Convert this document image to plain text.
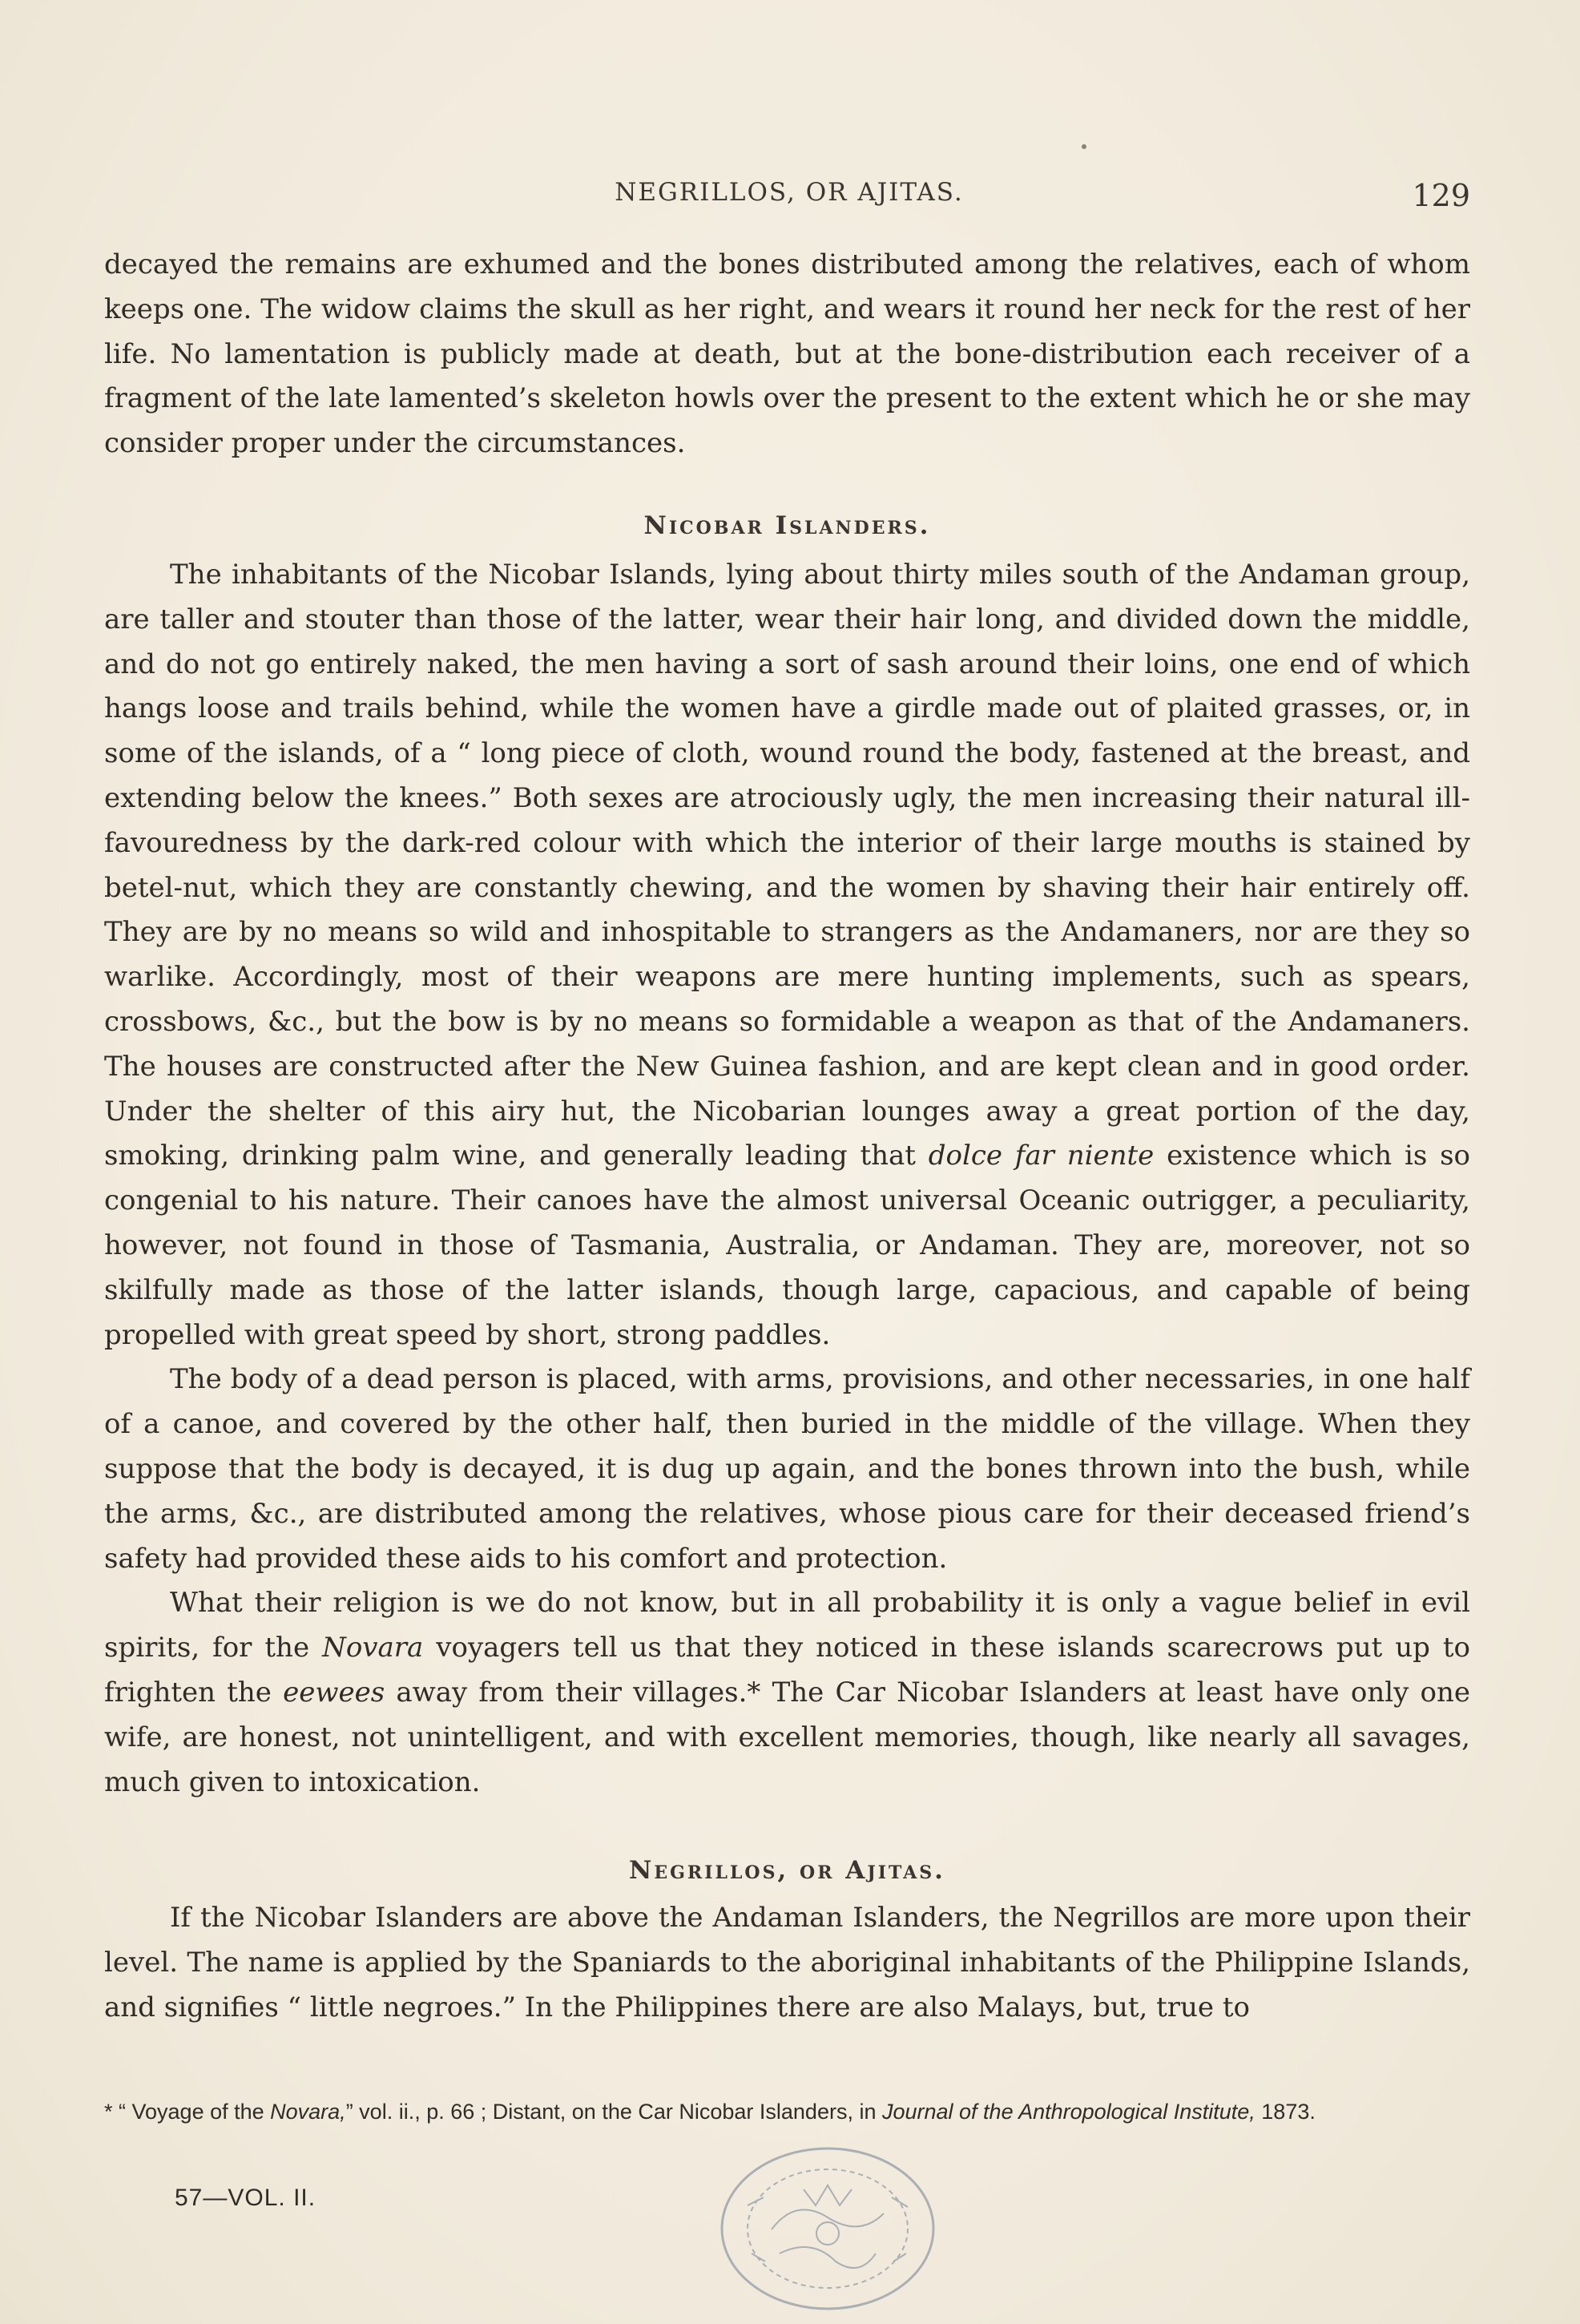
NEGRILLOS, OR AJITAS.	129

decayed the remains are exhumed and the bones distributed among the relatives, each of whom keeps one. The widow claims the skull as her right, and wears it round her neck for the rest of her life. No lamentation is publicly made at death, but at the bone-distribution each receiver of a fragment of the late lamented’s skeleton howls over the present to the extent which he or she may consider proper under the circumstances.

Nicobar Islanders.

The inhabitants of the Nicobar Islands, lying about thirty miles south of the Andaman group, are taller and stouter than those of the latter, wear their hair long, and divided down the middle, and do not go entirely naked, the men having a sort of sash around their loins, one end of which hangs loose and trails behind, while the women have a girdle made out of plaited grasses, or, in some of the islands, of a “ long piece of cloth, wound round the body, fastened at the breast, and extending below the knees.” Both sexes are atrociously ugly, the men increasing their natural ill-favouredness by the dark-red colour with which the interior of their large mouths is stained by betel-nut, which they are constantly chewing, and the women by shaving their hair entirely off. They are by no means so wild and inhospitable to strangers as the Andamaners, nor are they so warlike. Accordingly, most of their weapons are mere hunting implements, such as spears, crossbows, &c., but the bow is by no means so formidable a weapon as that of the Andamaners. The houses are constructed after the New Guinea fashion, and are kept clean and in good order. Under the shelter of this airy hut, the Nicobarian lounges away a great portion of the day, smoking, drinking palm wine, and generally leading that dolce far niente existence which is so congenial to his nature. Their canoes have the almost universal Oceanic outrigger, a peculiarity, however, not found in those of Tasmania, Australia, or Andaman. They are, moreover, not so skilfully made as those of the latter islands, though large, capacious, and capable of being propelled with great speed by short, strong paddles.

The body of a dead person is placed, with arms, provisions, and other necessaries, in one half of a canoe, and covered by the other half, then buried in the middle of the village. When they suppose that the body is decayed, it is dug up again, and the bones thrown into the bush, while the arms, &c., are distributed among the relatives, whose pious care for their deceased friend’s safety had provided these aids to his comfort and protection.

What their religion is we do not know, but in all probability it is only a vague belief in evil spirits, for the Novara voyagers tell us that they noticed in these islands scarecrows put up to frighten the eewees away from their villages.* The Car Nicobar Islanders at least have only one wife, are honest, not unintelligent, and with excellent memories, though, like nearly all savages, much given to intoxication.

Negrillos, or Ajitas.

If the Nicobar Islanders are above the Andaman Islanders, the Negrillos are more upon their level. The name is applied by the Spaniards to the aboriginal inhabitants of the Philippine Islands, and signifies “ little negroes.” In the Philippines there are also Malays, but, true to

* “ Voyage of the Novara,” vol. ii., p. 66 ; Distant, on the Car Nicobar Islanders, in Journal of the Anthropological Institute, 1873.
57—VOL. II.
